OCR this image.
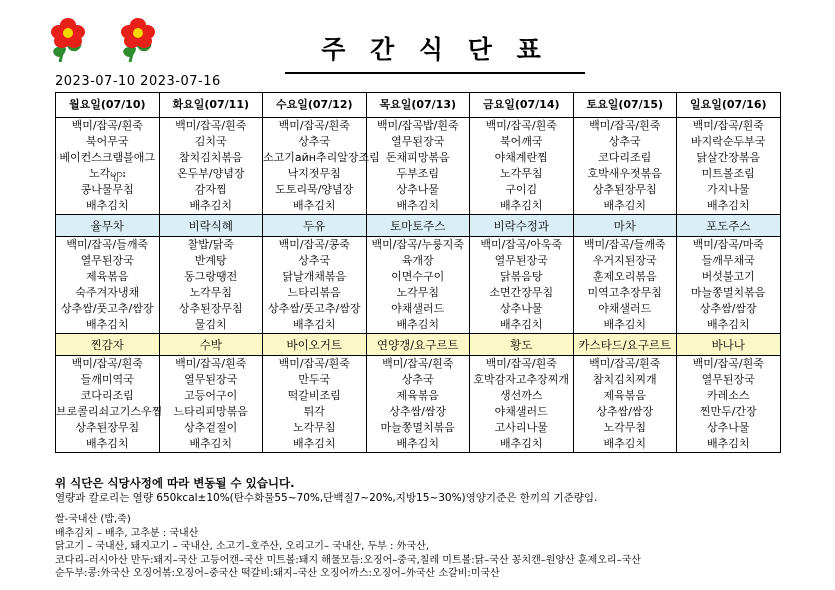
2023-07-10 2023-07-16
주 간 식 단 표
월요일(07/10)	화요일(07/11)	수요일(07/12)	목요일(07/13)	금요일(07/14)	토요일(07/15)	일요일(07/16)

백미/잡곡/흰죽
북어무국
베이컨스크램블애그
노각များ
콩나물무침
배추김치

백미/잡곡/흰죽
김치국
참치김치볶음
온두부/양념장
감자찜
배추김치

백미/잡곡/흰죽
상추국
소고기айн추리알장조림
낙지젓무침
도토리묵/양념장
배추김치

백미/잡곡밥/흰죽
열무된장국
돈채피망볶음
두부조림
상추나물
배추김치

백미/잡곡/흰죽
북어깨국
야채계란찜
노각무침
구이김
배추김치

백미/잡곡/흰죽
상추국
코다리조림
호박새우젓볶음
상추된장무침
배추김치

백미/잡곡/흰죽
바지락순두부국
닭살간장볶음
미트볼조림
가지나물
배추김치

율무차	비락식혜	두유	토마토주스	비락수정과	마차	포도주스

백미/잡곡/들깨죽
열무된장국
제육볶음
숙주겨자냉채
상추쌈/풋고추/쌈장
배추김치

찰밥/닭죽
반계탕
동그랑땡전
노각무침
상추된장무침
물김치

백미/잡곡/콩죽
상추국
닭날개채볶음
느타리볶음
상추쌈/풋고추/쌈장
배추김치

백미/잡곡/누룽지죽
육개장
이면수구이
노각무침
야채샐러드
배추김치

백미/잡곡/아욱죽
열무된장국
닭볶음탕
소면간장무침
상추나물
배추김치

백미/잡곡/들깨죽
우거지된장국
훈제오리볶음
미역고추장무침
야채샐러드
배추김치

백미/잡곡/마죽
들깨무채국
버섯불고기
마늘쫑멸치볶음
상추쌈/쌈장
배추김치

찐감자	수박	바이오거트	연양갱/요구르트	황도	카스타드/요구르트	바나나

백미/잡곡/흰죽
들깨미역국
코다리조림
브로콜리쇠고기스우찜
상추된장무침
배추김치

백미/잡곡/흰죽
열무된장국
고등어구이
느타리피망볶음
상추겉절이
배추김치

백미/잡곡/흰죽
만두국
떡갈비조림
튀각
노각무침
배추김치

백미/잡곡/흰죽
상추국
제육볶음
상추쌈/쌈장
마늘쫑멸치볶음
배추김치

백미/잡곡/흰죽
호박감자고추장찌개
생선까스
야채샐러드
고사리나물
배추김치

백미/잡곡/흰죽
참치김치찌개
제육볶음
상추쌈/쌈장
노각무침
배추김치

백미/잡곡/흰죽
열무된장국
카레소스
찐만두/간장
상추나물
배추김치
위 식단은 식당사정에 따라 변동될 수 있습니다.
열량과 칼로리는 열량 650kcal±10%(탄수화물55~70%,단백질7~20%,지방15~30%)영양기준은 한끼의 기준량임.
쌀-국내산 (밥,죽)
배추김치 – 배추, 고추분 : 국내산
닭고기 – 국내산, 돼지고기 – 국내산, 소고기–호주산, 오리고기– 국내산, 두부 : 外국산,
코다리–러시아산 만두:돼지–국산 고등어캔–국산 미트볼:돼지 해물모듬:오징어–중국,칠레 미트볼:닭–국산 꽁치캔–원양산 훈제오리–국산
순두부:콩:外국산 오징어볶:오징어–중국산 떡갈비:돼지–국산 오징어까스:오징어–外국산 소갈비:미국산
